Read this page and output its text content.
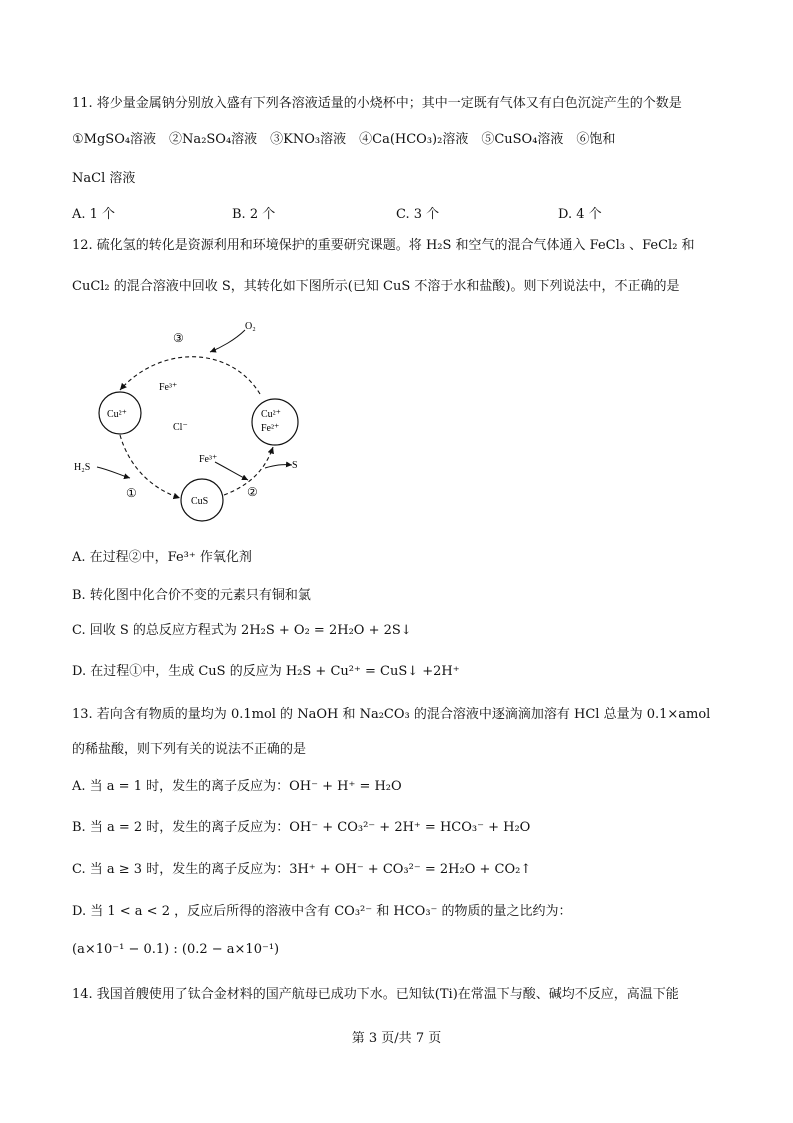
11. 将少量金属钠分别放入盛有下列各溶液适量的小烧杯中；其中一定既有气体又有白色沉淀产生的个数是
①MgSO₄溶液　②Na₂SO₄溶液　③KNO₃溶液　④Ca(HCO₃)₂溶液　⑤CuSO₄溶液　⑥饱和
NaCl 溶液
A. 1 个	B. 2 个	C. 3 个	D. 4 个
12. 硫化氢的转化是资源利用和环境保护的重要研究课题。将 H₂S 和空气的混合气体通入 FeCl₃ 、FeCl₂ 和
CuCl₂ 的混合溶液中回收 S，其转化如下图所示(已知 CuS 不溶于水和盐酸)。则下列说法中，不正确的是
O₂
③
Fe³⁺
Cu²⁺
Cl⁻
Cu²⁺
Fe²⁺
H₂S
①
CuS
Fe³⁺
②
S
A. 在过程②中，Fe³⁺ 作氧化剂
B. 转化图中化合价不变的元素只有铜和氯
C. 回收 S 的总反应方程式为 2H₂S + O₂ = 2H₂O + 2S↓
D. 在过程①中，生成 CuS 的反应为 H₂S + Cu²⁺ = CuS↓ +2H⁺
13. 若向含有物质的量均为 0.1mol 的 NaOH 和 Na₂CO₃ 的混合溶液中逐滴滴加溶有 HCl 总量为 0.1×amol
的稀盐酸，则下列有关的说法不正确的是
A. 当 a = 1 时，发生的离子反应为：OH⁻ + H⁺ = H₂O
B. 当 a = 2 时，发生的离子反应为：OH⁻ + CO₃²⁻ + 2H⁺ = HCO₃⁻ + H₂O
C. 当 a ≥ 3 时，发生的离子反应为：3H⁺ + OH⁻ + CO₃²⁻ = 2H₂O + CO₂↑
D. 当 1 < a < 2 ，反应后所得的溶液中含有 CO₃²⁻ 和 HCO₃⁻ 的物质的量之比约为：
(a×10⁻¹ − 0.1) : (0.2 − a×10⁻¹)
14. 我国首艘使用了钛合金材料的国产航母已成功下水。已知钛(Ti)在常温下与酸、碱均不反应，高温下能
第 3 页/共 7 页
